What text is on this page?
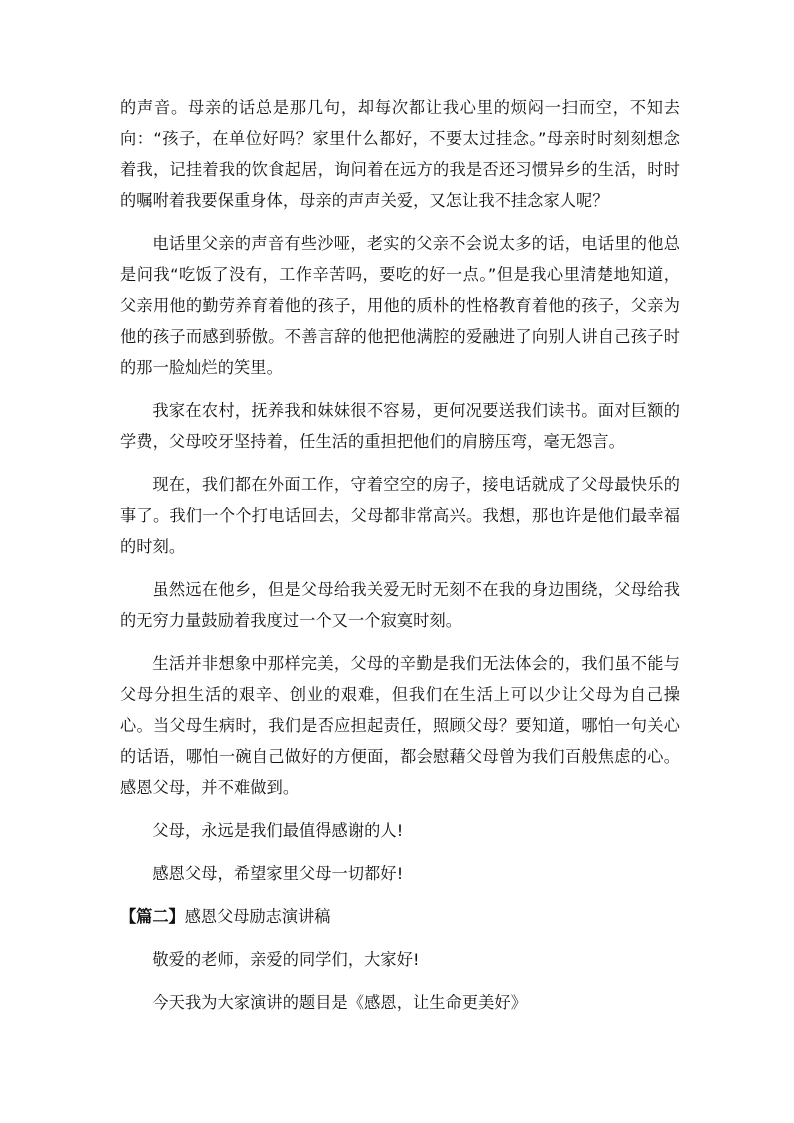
的声音。母亲的话总是那几句，却每次都让我心里的烦闷一扫而空，不知去向：“孩子，在单位好吗？家里什么都好，不要太过挂念。”母亲时时刻刻想念着我，记挂着我的饮食起居，询问着在远方的我是否还习惯异乡的生活，时时的嘱咐着我要保重身体，母亲的声声关爱，又怎让我不挂念家人呢？

电话里父亲的声音有些沙哑，老实的父亲不会说太多的话，电话里的他总是问我“吃饭了没有，工作辛苦吗，要吃的好一点。”但是我心里清楚地知道，父亲用他的勤劳养育着他的孩子，用他的质朴的性格教育着他的孩子，父亲为他的孩子而感到骄傲。不善言辞的他把他满腔的爱融进了向别人讲自己孩子时的那一脸灿烂的笑里。

我家在农村，抚养我和妹妹很不容易，更何况要送我们读书。面对巨额的学费，父母咬牙坚持着，任生活的重担把他们的肩膀压弯，毫无怨言。

现在，我们都在外面工作，守着空空的房子，接电话就成了父母最快乐的事了。我们一个个打电话回去，父母都非常高兴。我想，那也许是他们最幸福的时刻。

虽然远在他乡，但是父母给我关爱无时无刻不在我的身边围绕，父母给我的无穷力量鼓励着我度过一个又一个寂寞时刻。

生活并非想象中那样完美，父母的辛勤是我们无法体会的，我们虽不能与父母分担生活的艰辛、创业的艰难，但我们在生活上可以少让父母为自己操心。当父母生病时，我们是否应担起责任，照顾父母？要知道，哪怕一句关心的话语，哪怕一碗自己做好的方便面，都会慰藉父母曾为我们百般焦虑的心。感恩父母，并不难做到。

父母，永远是我们最值得感谢的人!

感恩父母，希望家里父母一切都好!

【篇二】感恩父母励志演讲稿

敬爱的老师，亲爱的同学们，大家好!

今天我为大家演讲的题目是《感恩，让生命更美好》
